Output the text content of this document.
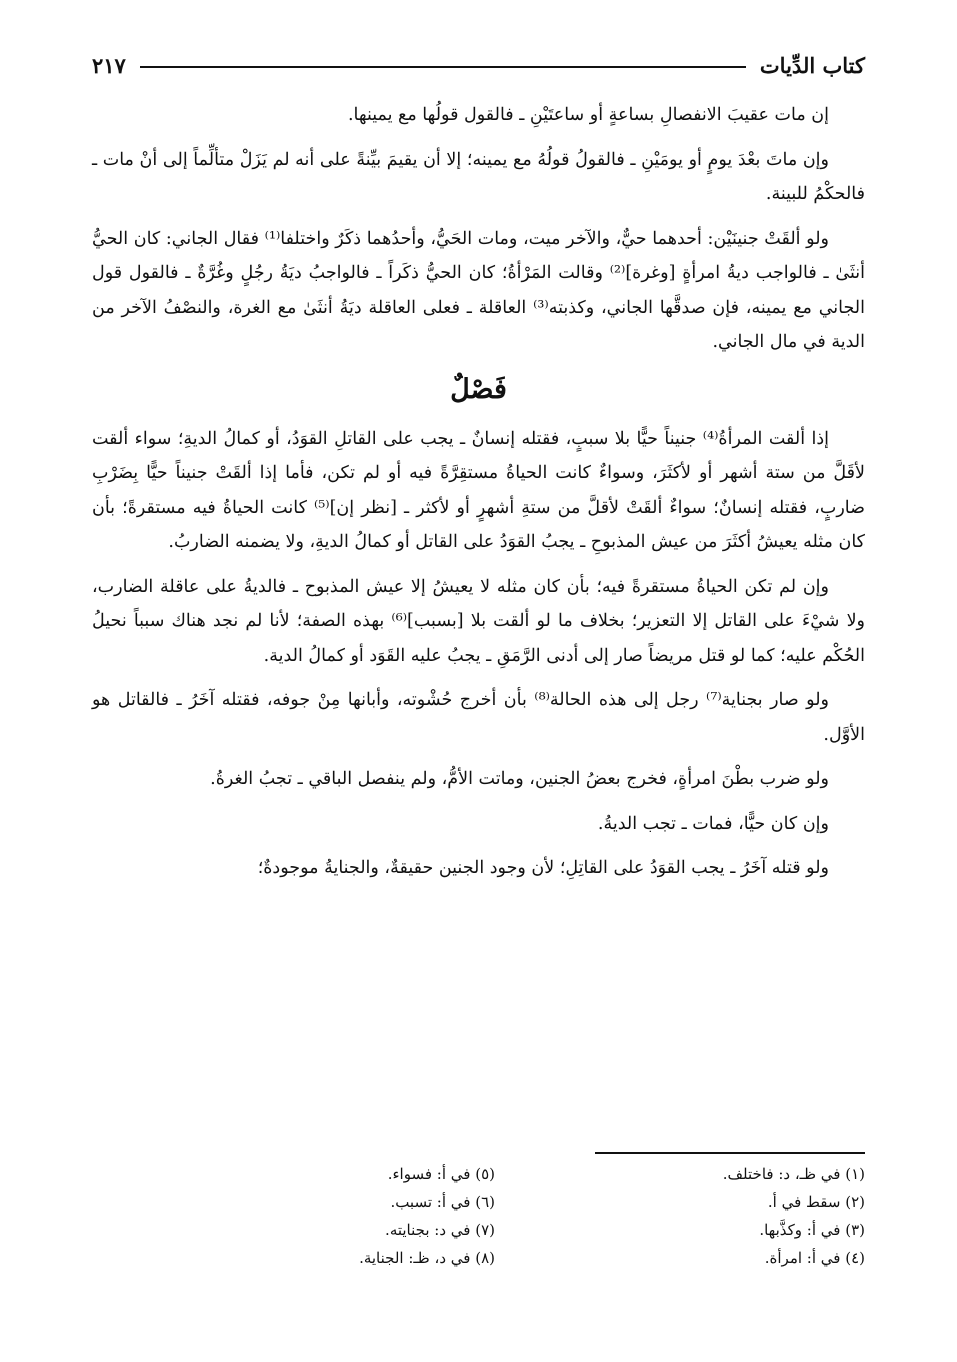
كتاب الدِّيات
٢١٧

إن مات عقيبَ الانفصالِ بساعةٍ أو ساعتَيْنِ ـ فالقول قولُها مع يمينها.

وإن ماتَ بعْدَ يومٍ أو يومَيْنِ ـ فالقولُ قولُهُ مع يمينه؛ إلا أن يقيمَ بيِّنةً على أنه لم يَزَلْ متألِّماً إلى أنْ مات ـ فالحكْمُ للبينة.

ولو ألقَتْ جنينَيْن: أحدهما حيٌّ، والآخر ميت، ومات الحَيُّ، وأحدُهما ذكَرٌ واختلفا⁽¹⁾ فقال الجاني: كان الحيُّ أنثَىٰ ـ فالواجب ديةُ امرأةٍ [وغرة]⁽²⁾ وقالت المَرْأةُ؛ كان الحيُّ ذكَراً ـ فالواجبُ ديَةُ رجُلٍ وغُرَّةٌ ـ فالقول قول الجاني مع يمينه، فإن صدقَّها الجاني، وكذبته⁽³⁾ العاقلة ـ فعلى العاقلة ديَةُ أنثَىٰ مع الغرة، والنصْفُ الآخر من الدية في مال الجاني.

فَصْلٌ

إذا ألقت المرأةُ⁽⁴⁾ جنيناً حيًّا بلا سببٍ، فقتله إنسانٌ ـ يجب على القاتلِ القوَدُ، أو كمالُ الديةِ؛ سواء ألقت لأقَلَّ من ستة أشهر أو لأكثَرَ، وسواءٌ كانت الحياةُ مستقِرَّةً فيه أو لم تكن، فأما إذا ألقَتْ جنيناً حيًّا بِضَرْبِ ضاربٍ، فقتله إنسانٌ؛ سواءٌ ألقَتْ لأقلَّ من ستةِ أشهرٍ أو لأكثر ـ [نظر إن]⁽⁵⁾ كانت الحياةُ فيه مستقرةً؛ بأن كان مثله يعيشُ أكثَرَ من عيش المذبوحِ ـ يجبُ القوَدُ على القاتل أو كمالُ الديةِ، ولا يضمنه الضاربُ.

وإن لم تكن الحياةُ مستقرةً فيه؛ بأن كان مثله لا يعيشُ إلا عيش المذبوح ـ فالديةُ على عاقلة الضارب، ولا شيْءَ على القاتل إلا التعزير؛ بخلاف ما لو ألقت بلا [بسبب]⁽⁶⁾ بهذه الصفة؛ لأنا لم نجد هناك سبباً نحيلُ الحُكْم عليه؛ كما لو قتل مريضاً صار إلى أدنى الرَّمَقِ ـ يجبُ عليه القَوَد أو كمالُ الدية.

ولو صار بجناية⁽⁷⁾ رجل إلى هذه الحالة⁽⁸⁾ بأن أخرج حُشْوته، وأبانها مِنْ جوفه، فقتله آخَرُ ـ فالقاتل هو الأوَّل.

ولو ضرب بطْنَ امرأةٍ، فخرج بعضُ الجنين، وماتت الأمُّ، ولم ينفصل الباقي ـ تجبُ الغرةُ.

وإن كان حيًّا، فمات ـ تجب الديةُ.

ولو قتله آخَرُ ـ يجب القوَدُ على القاتِلِ؛ لأن وجود الجنين حقيقةٌ، والجنايةُ موجودةٌ؛

(١) في ظـ، د: فاختلف.
(٢) سقط في أ.
(٣) في أ: وكذَّبها.
(٤) في أ: امرأة.
(٥) في أ: فسواء.
(٦) في أ: تسبب.
(٧) في د: بجنايته.
(٨) في د، ظـ: الجناية.
